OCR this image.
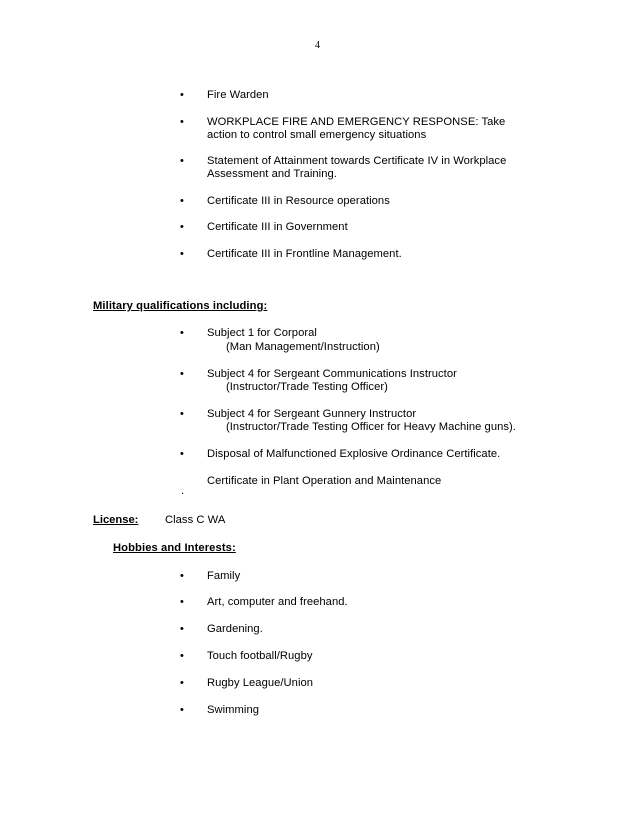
4
• Fire Warden
• WORKPLACE FIRE AND EMERGENCY RESPONSE: Take
action to control small emergency situations
• Statement of Attainment towards Certificate IV in Workplace
Assessment and Training.
• Certificate III in Resource operations
• Certificate III in Government
• Certificate III in Frontline Management.
Military qualifications including:
• Subject 1 for Corporal
(Man Management/Instruction)
• Subject 4 for Sergeant Communications Instructor
(Instructor/Trade Testing Officer)
• Subject 4 for Sergeant Gunnery Instructor
(Instructor/Trade Testing Officer for Heavy Machine guns).
• Disposal of Malfunctioned Explosive Ordinance Certificate.
Certificate in Plant Operation and Maintenance
.
License: Class C WA
Hobbies and Interests:
• Family
• Art, computer and freehand.
• Gardening.
• Touch football/Rugby
• Rugby League/Union
• Swimming
